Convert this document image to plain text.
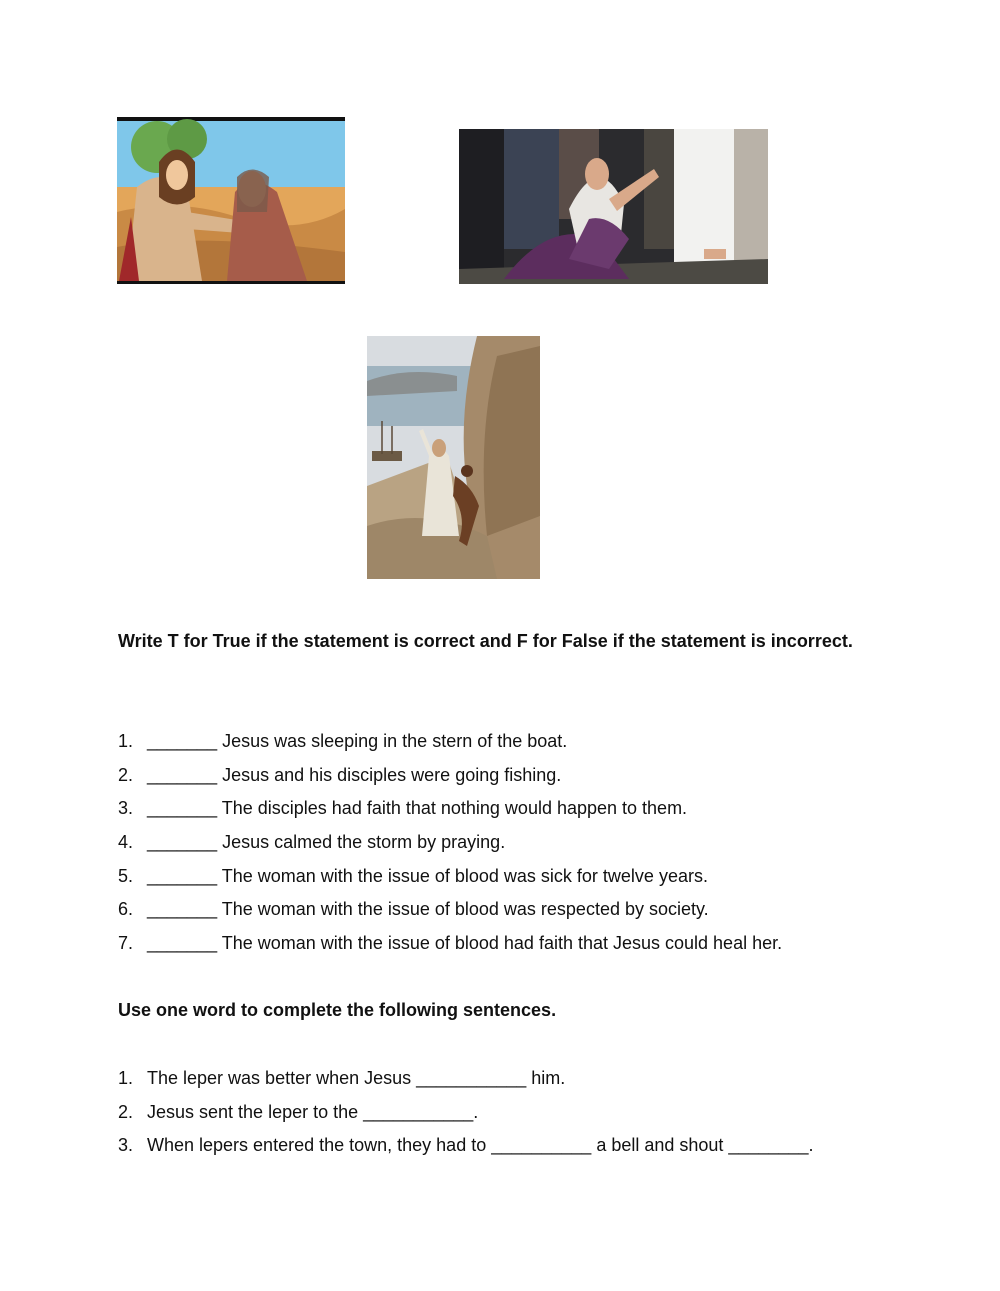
Write T for True if the statement is correct and F for False if the statement is incorrect.
1. _______ Jesus was sleeping in the stern of the boat.
2. _______ Jesus and his disciples were going fishing.
3. _______ The disciples had faith that nothing would happen to them.
4. _______ Jesus calmed the storm by praying.
5. _______ The woman with the issue of blood was sick for twelve years.
6. _______ The woman with the issue of blood was respected by society.
7. _______ The woman with the issue of blood had faith that Jesus could heal her.
Use one word to complete the following sentences.
1. The leper was better when Jesus ___________ him.
2. Jesus sent the leper to the ___________.
3. When lepers entered the town, they had to __________ a bell and shout ________.
